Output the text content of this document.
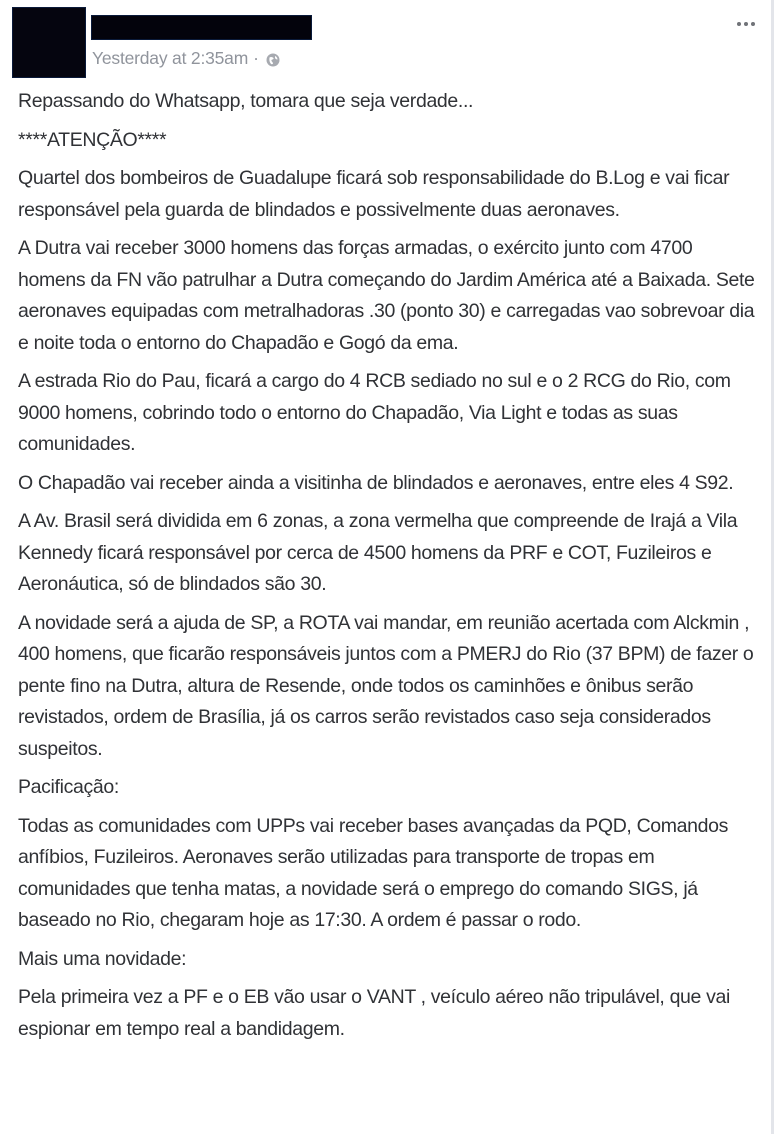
Yesterday at 2:35am ·

Repassando do Whatsapp, tomara que seja verdade...

****ATENÇÃO****

Quartel dos bombeiros de Guadalupe ficará sob responsabilidade do B.Log e vai ficar responsável pela guarda de blindados e possivelmente duas aeronaves.

A Dutra vai receber 3000 homens das forças armadas, o exército junto com 4700 homens da FN vão patrulhar a Dutra começando do Jardim América até a Baixada. Sete aeronaves equipadas com metralhadoras .30 (ponto 30) e carregadas vao sobrevoar dia e noite toda o entorno do Chapadão e Gogó da ema.

A estrada Rio do Pau, ficará a cargo do 4 RCB sediado no sul e o 2 RCG do Rio, com 9000 homens, cobrindo todo o entorno do Chapadão, Via Light e todas as suas comunidades.

O Chapadão vai receber ainda a visitinha de blindados e aeronaves, entre eles 4 S92.

A Av. Brasil será dividida em 6 zonas, a zona vermelha que compreende de Irajá a Vila Kennedy ficará responsável por cerca de 4500 homens da PRF e COT, Fuzileiros e Aeronáutica, só de blindados são 30.

A novidade será a ajuda de SP, a ROTA vai mandar, em reunião acertada com Alckmin , 400 homens, que ficarão responsáveis juntos com a PMERJ do Rio (37 BPM) de fazer o pente fino na Dutra, altura de Resende, onde todos os caminhões e ônibus serão revistados, ordem de Brasília, já os carros serão revistados caso seja considerados suspeitos.

Pacificação:

Todas as comunidades com UPPs vai receber bases avançadas da PQD, Comandos anfíbios, Fuzileiros. Aeronaves serão utilizadas para transporte de tropas em comunidades que tenha matas, a novidade será o emprego do comando SIGS, já baseado no Rio, chegaram hoje as 17:30. A ordem é passar o rodo.

Mais uma novidade:

Pela primeira vez a PF e o EB vão usar o VANT , veículo aéreo não tripulável, que vai espionar em tempo real a bandidagem.
